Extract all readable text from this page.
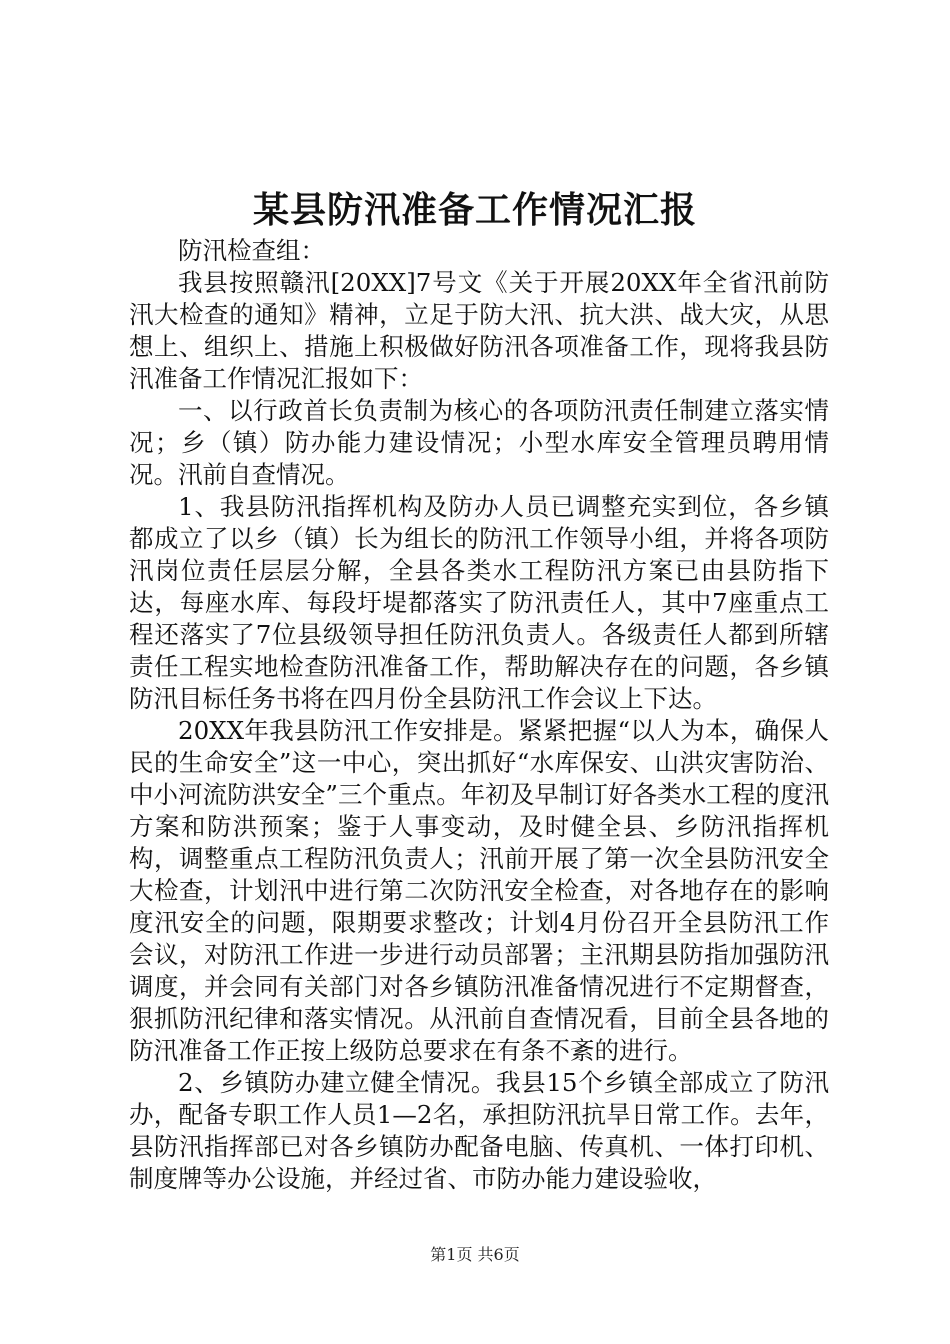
某县防汛准备工作情况汇报

防汛检查组：

我县按照赣汛[20XX]7号文《关于开展20XX年全省汛前防汛大检查的通知》精神，立足于防大汛、抗大洪、战大灾，从思想上、组织上、措施上积极做好防汛各项准备工作，现将我县防汛准备工作情况汇报如下：

一、以行政首长负责制为核心的各项防汛责任制建立落实情况；乡（镇）防办能力建设情况；小型水库安全管理员聘用情况。汛前自查情况。

1、我县防汛指挥机构及防办人员已调整充实到位，各乡镇都成立了以乡（镇）长为组长的防汛工作领导小组，并将各项防汛岗位责任层层分解，全县各类水工程防汛方案已由县防指下达，每座水库、每段圩堤都落实了防汛责任人，其中7座重点工程还落实了7位县级领导担任防汛负责人。各级责任人都到所辖责任工程实地检查防汛准备工作，帮助解决存在的问题，各乡镇防汛目标任务书将在四月份全县防汛工作会议上下达。

20XX年我县防汛工作安排是。紧紧把握“以人为本，确保人民的生命安全”这一中心，突出抓好“水库保安、山洪灾害防治、中小河流防洪安全”三个重点。年初及早制订好各类水工程的度汛方案和防洪预案；鉴于人事变动，及时健全县、乡防汛指挥机构，调整重点工程防汛负责人；汛前开展了第一次全县防汛安全大检查，计划汛中进行第二次防汛安全检查，对各地存在的影响度汛安全的问题，限期要求整改；计划4月份召开全县防汛工作会议，对防汛工作进一步进行动员部署；主汛期县防指加强防汛调度，并会同有关部门对各乡镇防汛准备情况进行不定期督查，狠抓防汛纪律和落实情况。从汛前自查情况看，目前全县各地的防汛准备工作正按上级防总要求在有条不紊的进行。

2、乡镇防办建立健全情况。我县15个乡镇全部成立了防汛办，配备专职工作人员1—2名，承担防汛抗旱日常工作。去年，县防汛指挥部已对各乡镇防办配备电脑、传真机、一体打印机、制度牌等办公设施，并经过省、市防办能力建设验收，

第1页 共6页
